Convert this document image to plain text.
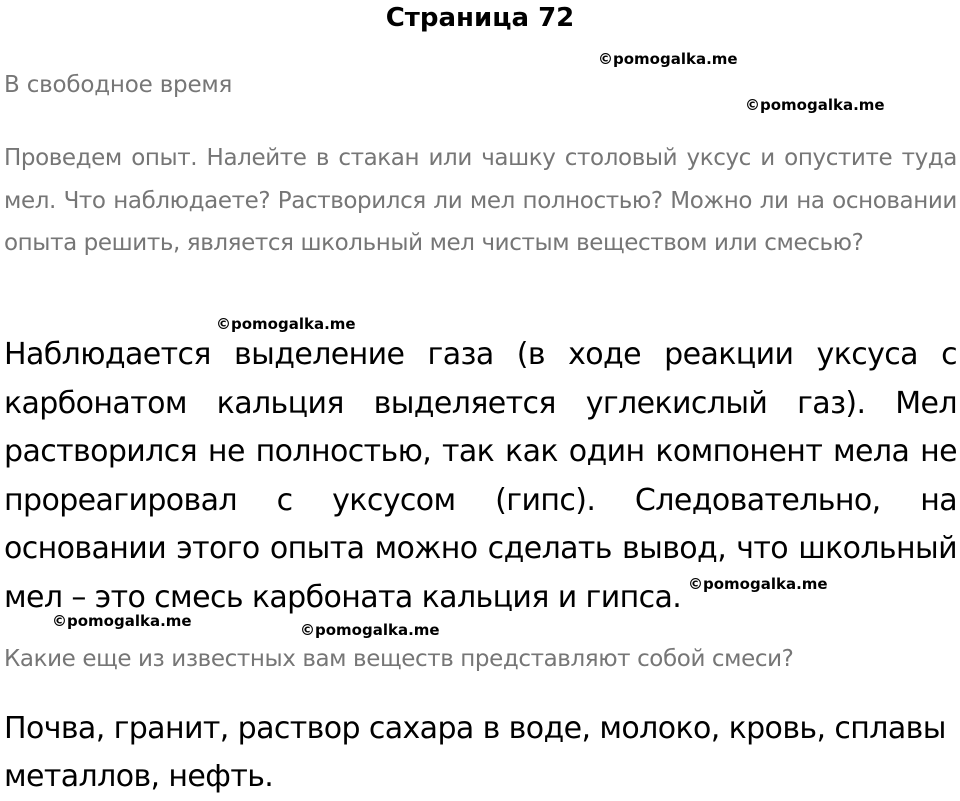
Страница 72
В свободное время
Проведем опыт. Налейте в стакан или чашку столовый уксус и опустите туда мел. Что наблюдаете? Растворился ли мел полностью? Можно ли на основании опыта решить, является школьный мел чистым веществом или смесью?
Наблюдается выделение газа (в ходе реакции уксуса с карбонатом кальция выделяется углекислый газ). Мел растворился не полностью, так как один компонент мела не прореагировал с уксусом (гипс). Следовательно, на основании этого опыта можно сделать вывод, что школьный мел – это смесь карбоната кальция и гипса.
Какие еще из известных вам веществ представляют собой смеси?
Почва, гранит, раствор сахара в воде, молоко, кровь, сплавы металлов, нефть.
©pomogalka.me
©pomogalka.me
©pomogalka.me
©pomogalka.me
©pomogalka.me	©pomogalka.me
